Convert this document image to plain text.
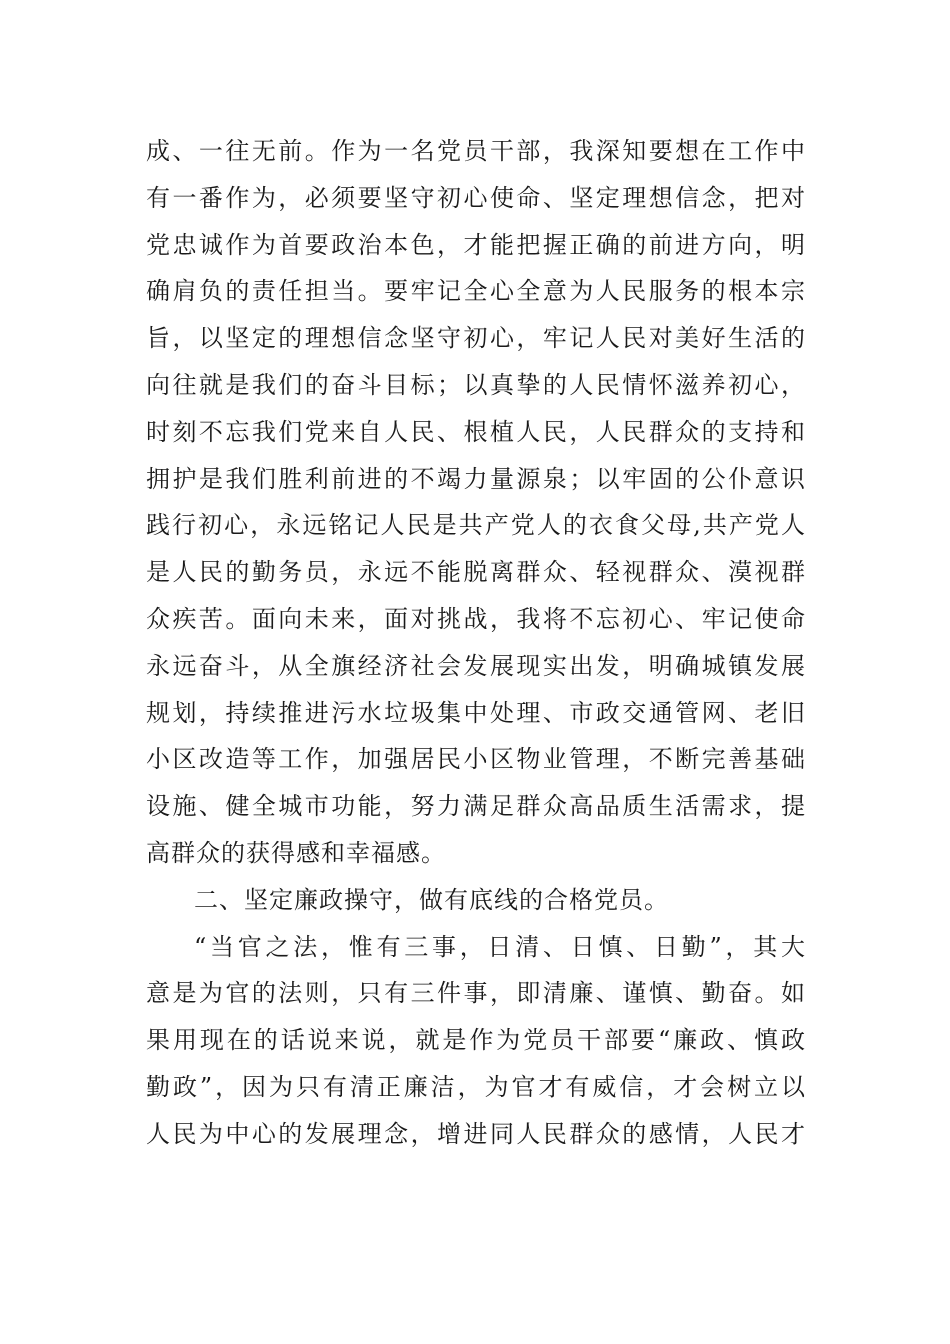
成、一往无前。作为一名党员干部，我深知要想在工作中
有一番作为，必须要坚守初心使命、坚定理想信念，把对
党忠诚作为首要政治本色，才能把握正确的前进方向，明
确肩负的责任担当。要牢记全心全意为人民服务的根本宗
旨，以坚定的理想信念坚守初心，牢记人民对美好生活的
向往就是我们的奋斗目标；以真挚的人民情怀滋养初心，
时刻不忘我们党来自人民、根植人民，人民群众的支持和
拥护是我们胜利前进的不竭力量源泉；以牢固的公仆意识
践行初心，永远铭记人民是共产党人的衣食父母,共产党人
是人民的勤务员，永远不能脱离群众、轻视群众、漠视群
众疾苦。面向未来，面对挑战，我将不忘初心、牢记使命
永远奋斗，从全旗经济社会发展现实出发，明确城镇发展
规划，持续推进污水垃圾集中处理、市政交通管网、老旧
小区改造等工作，加强居民小区物业管理，不断完善基础
设施、健全城市功能，努力满足群众高品质生活需求，提
高群众的获得感和幸福感。
二、坚定廉政操守，做有底线的合格党员。
“当官之法，惟有三事，日清、日慎、日勤”，其大
意是为官的法则，只有三件事，即清廉、谨慎、勤奋。如
果用现在的话说来说，就是作为党员干部要“廉政、慎政
勤政”，因为只有清正廉洁，为官才有威信，才会树立以
人民为中心的发展理念，增进同人民群众的感情，人民才
